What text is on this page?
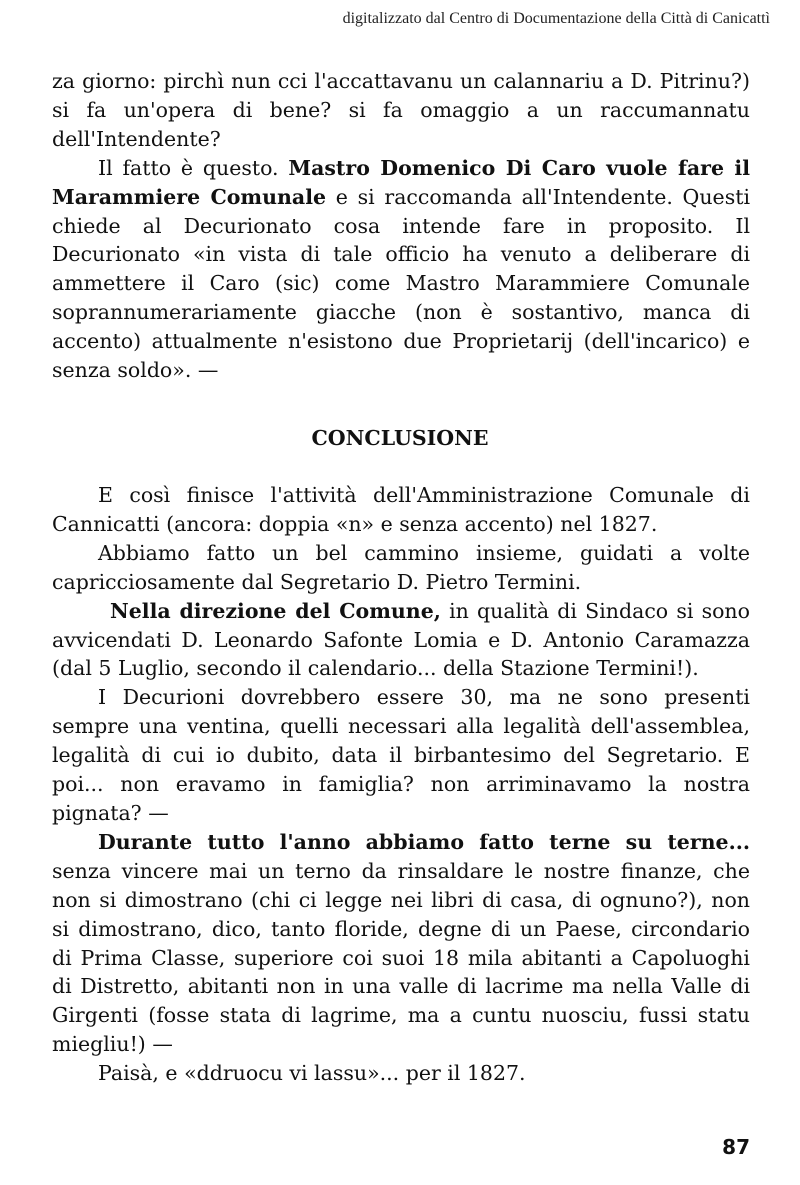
digitalizzato dal Centro di Documentazione della Città di Canicattì

za giorno: pirchì nun cci l'accattavanu un calannariu a D. Pitrinu?) si fa un'opera di bene? si fa omaggio a un raccumannatu dell'Intendente?

Il fatto è questo. Mastro Domenico Di Caro vuole fare il Marammiere Comunale e si raccomanda all'Intendente. Questi chiede al Decurionato cosa intende fare in proposito. Il Decurionato «in vista di tale officio ha venuto a deliberare di ammettere il Caro (sic) come Mastro Marammiere Comunale soprannumerariamente giacche (non è sostantivo, manca di accento) attualmente n'esistono due Proprietarij (dell'incarico) e senza soldo». —

CONCLUSIONE

E così finisce l'attività dell'Amministrazione Comunale di Cannicatti (ancora: doppia «n» e senza accento) nel 1827.

Abbiamo fatto un bel cammino insieme, guidati a volte capricciosamente dal Segretario D. Pietro Termini.

Nella direzione del Comune, in qualità di Sindaco si sono avvicendati D. Leonardo Safonte Lomia e D. Antonio Caramazza (dal 5 Luglio, secondo il calendario... della Stazione Termini!).

I Decurioni dovrebbero essere 30, ma ne sono presenti sempre una ventina, quelli necessari alla legalità dell'assemblea, legalità di cui io dubito, data il birbantesimo del Segretario. E poi... non eravamo in famiglia? non arriminavamo la nostra pignata? —

Durante tutto l'anno abbiamo fatto terne su terne... senza vincere mai un terno da rinsaldare le nostre finanze, che non si dimostrano (chi ci legge nei libri di casa, di ognuno?), non si dimostrano, dico, tanto floride, degne di un Paese, circondario di Prima Classe, superiore coi suoi 18 mila abitanti a Capoluoghi di Distretto, abitanti non in una valle di lacrime ma nella Valle di Girgenti (fosse stata di lagrime, ma a cuntu nuosciu, fussi statu miegliu!) —

Paisà, e «ddruocu vi lassu»... per il 1827.

87
